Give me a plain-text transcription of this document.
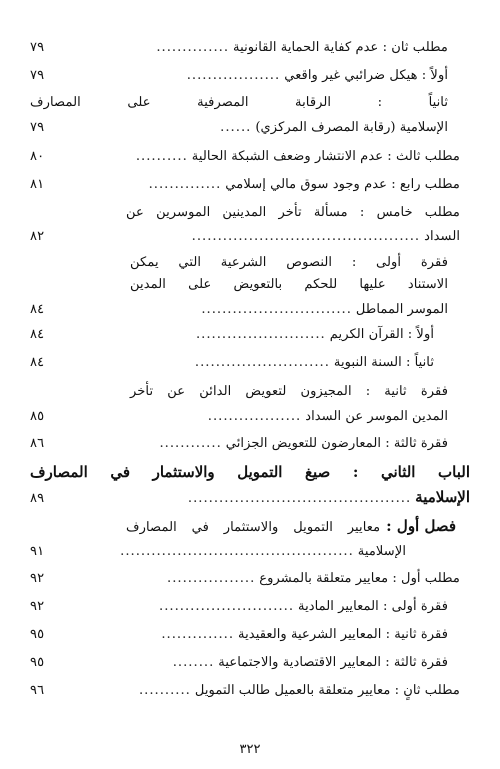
مطلب ثان : عدم كفاية الحماية القانونية
..............
٧٩
أولاً : هيكل ضرائبي غير واقعي
..................
٧٩
ثانياً : الرقابة المصرفية على المصارف
الإسلامية (رقابة المصرف المركزي)
......
٧٩
مطلب ثالث : عدم الانتشار وضعف الشبكة الحالية
..........
٨٠
مطلب رابع : عدم وجود سوق مالي إسلامي
..............
٨١
مطلب خامس : مسألة تأخر المدينين الموسرين عن
السداد
............................................
٨٢
فقرة أولى : النصوص الشرعية التي يمكن
الاستناد عليها للحكم بالتعويض على المدين
الموسر المماطل
.............................
٨٤
أولاً : القرآن الكريم
.........................
٨٤
ثانياً : السنة النبوية
..........................
٨٤
فقرة ثانية : المجيزون لتعويض الدائن عن تأخر
المدين الموسر عن السداد
..................
٨٥
فقرة ثالثة : المعارضون للتعويض الجزائي
............
٨٦
الباب الثاني : صيغ التمويل والاستثمار في المصارف
الإسلامية
...........................................
٨٩
فصل أول :
معايير التمويل والاستثمار في المصارف
الإسلامية
.............................................
٩١
مطلب أول : معايير متعلقة بالمشروع
.................
٩٢
فقرة أولى : المعايير المادية
..........................
٩٢
فقرة ثانية : المعايير الشرعية والعقيدية
..............
٩٥
فقرة ثالثة : المعايير الاقتصادية والاجتماعية
........
٩٥
مطلب ثانٍ : معايير متعلقة بالعميل طالب التمويل
..........
٩٦
٣٢٢
